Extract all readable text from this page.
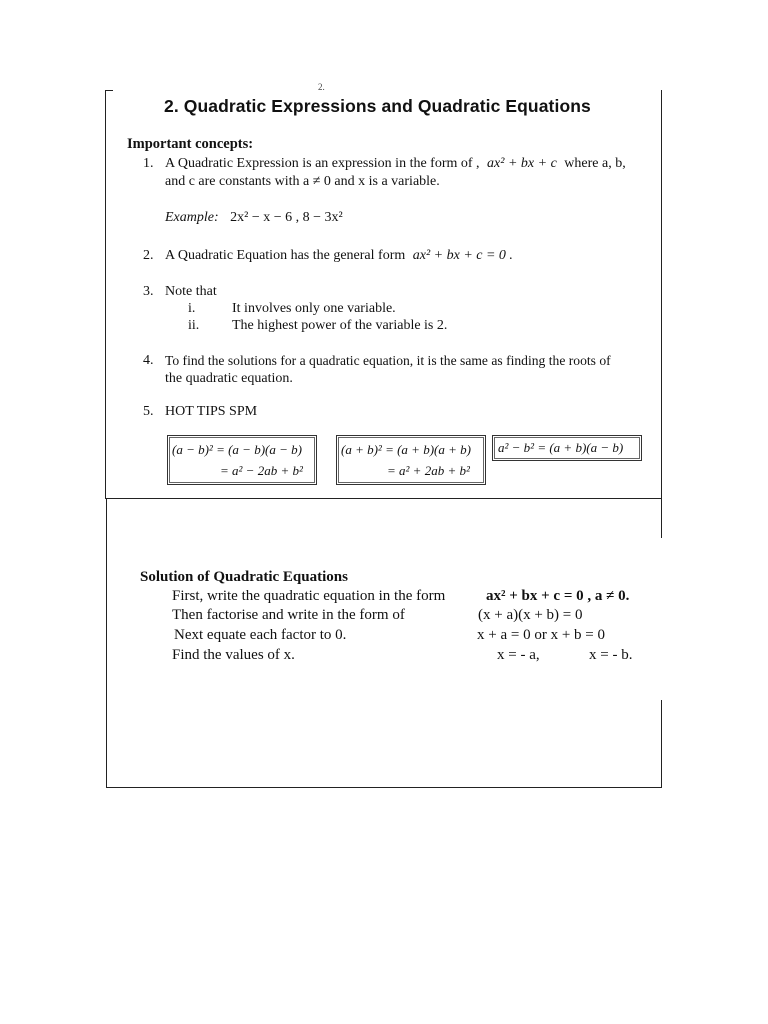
2.
2. Quadratic Expressions and Quadratic Equations
Important concepts:
1. A Quadratic Expression is an expression in the form of , ax² + bx + c where a, b,
and c are constants with a ≠ 0 and x is a variable.
Example: 2x² − x − 6 , 8 − 3x²
2. A Quadratic Equation has the general form ax² + bx + c = 0 .
3. Note that
i.	It involves only one variable.
ii. The highest power of the variable is 2.
4. To find the solutions for a quadratic equation, it is the same as finding the roots of
the quadratic equation.
5. HOT TIPS SPM
(a − b)² = (a − b)(a − b)
= a² − 2ab + b²
(a + b)² = (a + b)(a + b)
= a² + 2ab + b²
a² − b² = (a + b)(a − b)
Solution of Quadratic Equations
First, write the quadratic equation in the form	ax² + bx + c = 0 , a ≠ 0.
Then factorise and write in the form of	(x + a)(x + b) = 0
Next equate each factor to 0.	x + a = 0 or x + b = 0
Find the values of x.	x = - a,	x = - b.
